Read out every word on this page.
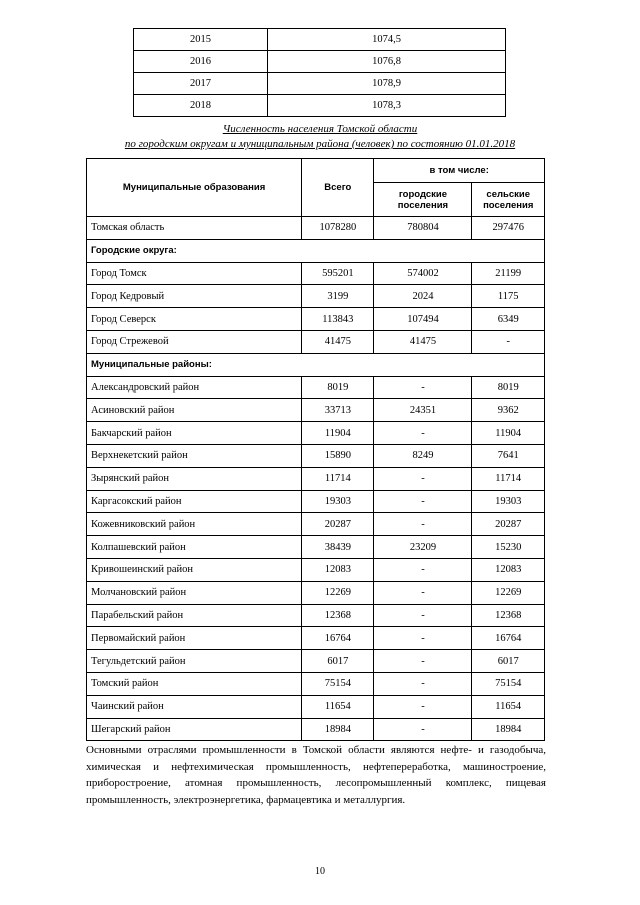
2015	1074,5
2016	1076,8
2017	1078,9
2018	1078,3
Численность населения Томской области
по городским округам и муниципальным района (человек) по состоянию 01.01.2018
Муниципальные образования	Всего	в том числе:	
		городские поселения	сельские поселения
Томская область	1078280	780804	297476
Городские округа:			
Город Томск	595201	574002	21199
Город Кедровый	3199	2024	1175
Город Северск	113843	107494	6349
Город Стрежевой	41475	41475	-
Муниципальные районы:			
Александровский район	8019	-	8019
Асиновский район	33713	24351	9362
Бакчарский район	11904	-	11904
Верхнекетский район	15890	8249	7641
Зырянский район	11714	-	11714
Каргасокский район	19303	-	19303
Кожевниковский район	20287	-	20287
Колпашевский район	38439	23209	15230
Кривошеинский район	12083	-	12083
Молчановский район	12269	-	12269
Парабельский район	12368	-	12368
Первомайский район	16764	-	16764
Тегульдетский район	6017	-	6017
Томский район	75154	-	75154
Чаинский район	11654	-	11654
Шегарский район	18984	-	18984
Основными отраслями промышленности в Томской области являются нефте- и газодобыча, химическая и нефтехимическая промышленность, нефтепереработка, машиностроение, приборостроение, атомная промышленность, лесопромышленный комплекс, пищевая промышленность, электроэнергетика, фармацевтика и металлургия.
10
